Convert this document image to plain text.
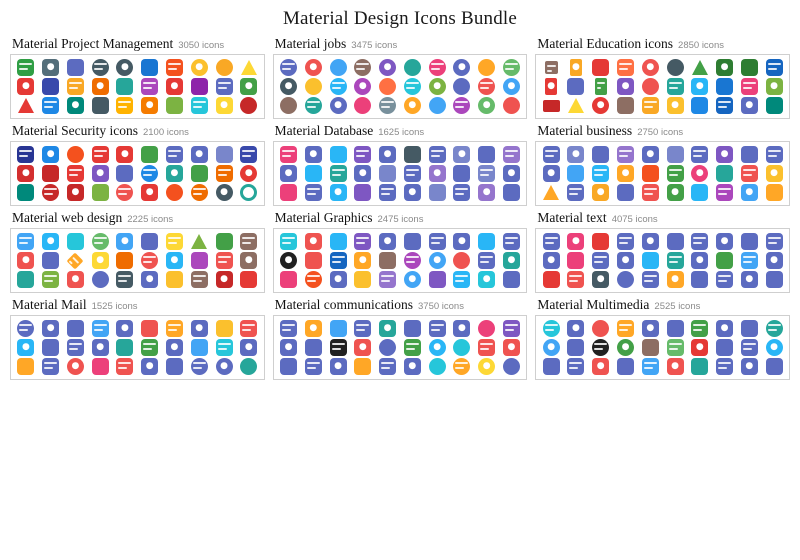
Material Design Icons Bundle
Material Project Management 3050 icons
●	●	●
●	●	●	●
●	●	●
Material jobs 3475 icons
●	●	●
●	●	●	●
●	●	●
Material Education icons 2850 icons
●	●	●
●	●	●	●
●	●	●
Material Security icons 2100 icons
●	●	●
●	●	●	●
●	●	●
Material Database 1625 icons
●	●	●
●	●	●	●
●	●	●
Material business 2750 icons
●	●	●
●	●	●	●
●	●	●
Material web design 2225 icons
●	●
●	●	●	●
●	●	●
Material Graphics 2475 icons
●	●	●
●	●	●	●
●	●	●
Material text 4075 icons
●	●	●
●	●	●	●
●	●	●
Material Mail 1525 icons
●	●	●
●	●	●	●
●	●	●
Material communications 3750 icons
●	●	●
●	●	●	●
●	●	●
Material Multimedia 2525 icons
●	●	●
●	●	●	●
●	●	●
